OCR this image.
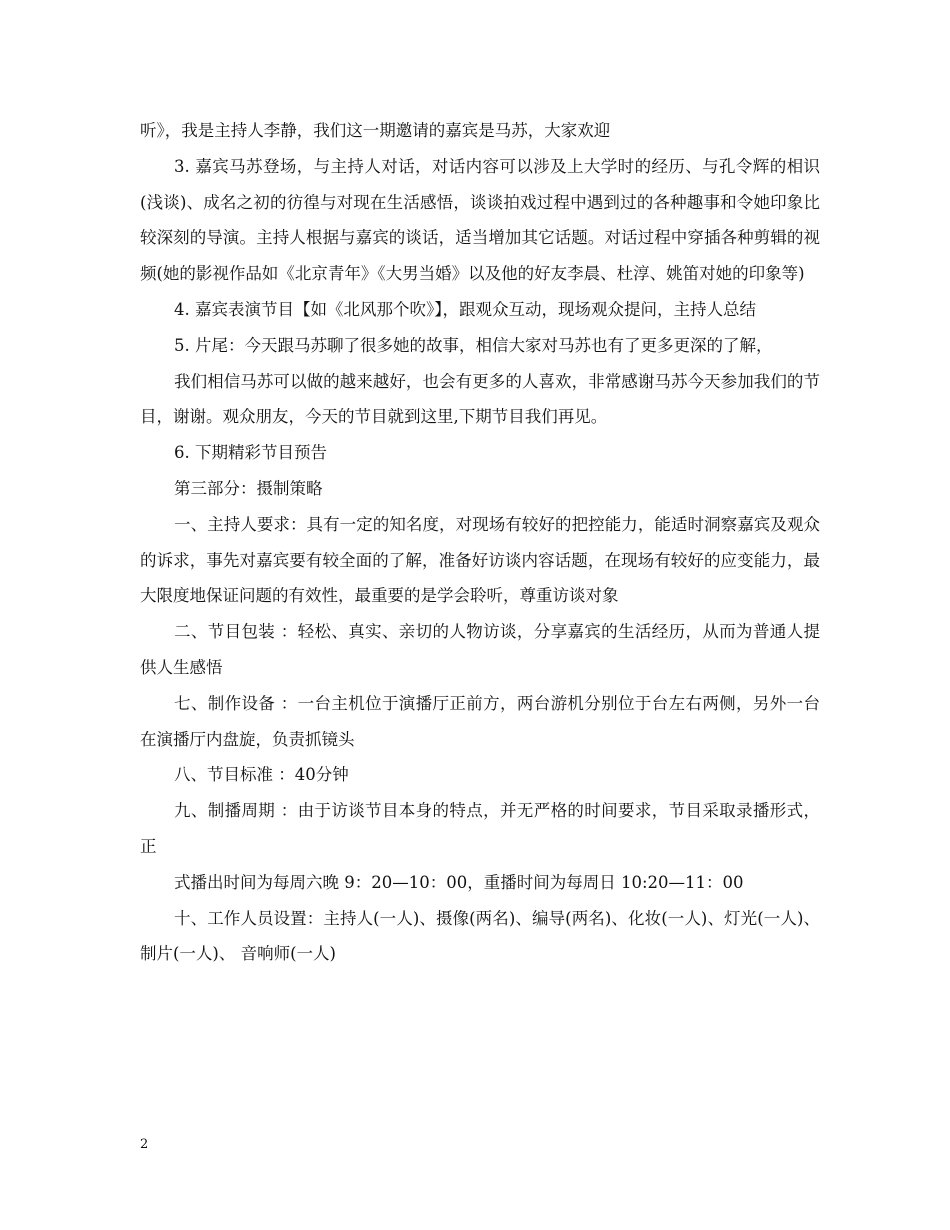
听》，我是主持人李静，我们这一期邀请的嘉宾是马苏，大家欢迎

3. 嘉宾马苏登场，与主持人对话，对话内容可以涉及上大学时的经历、与孔令辉的相识(浅谈)、成名之初的彷徨与对现在生活感悟，谈谈拍戏过程中遇到过的各种趣事和令她印象比较深刻的导演。主持人根据与嘉宾的谈话，适当增加其它话题。对话过程中穿插各种剪辑的视频(她的影视作品如《北京青年》《大男当婚》以及他的好友李晨、杜淳、姚笛对她的印象等)

4. 嘉宾表演节目【如《北风那个吹》】，跟观众互动，现场观众提问，主持人总结

5. 片尾：今天跟马苏聊了很多她的故事，相信大家对马苏也有了更多更深的了解，

我们相信马苏可以做的越来越好，也会有更多的人喜欢，非常感谢马苏今天参加我们的节目，谢谢。观众朋友，今天的节目就到这里,下期节目我们再见。

6. 下期精彩节目预告

第三部分：摄制策略

一、主持人要求：具有一定的知名度，对现场有较好的把控能力，能适时洞察嘉宾及观众的诉求，事先对嘉宾要有较全面的了解，准备好访谈内容话题，在现场有较好的应变能力，最大限度地保证问题的有效性，最重要的是学会聆听，尊重访谈对象

二、节目包装 ：轻松、真实、亲切的人物访谈，分享嘉宾的生活经历，从而为普通人提供人生感悟

七、制作设备 ：一台主机位于演播厅正前方，两台游机分别位于台左右两侧，另外一台在演播厅内盘旋，负责抓镜头

八、节目标准 ：40分钟

九、制播周期 ：由于访谈节目本身的特点，并无严格的时间要求，节目采取录播形式，正

式播出时间为每周六晚 9：20—10：00，重播时间为每周日 10:20—11：00

十、工作人员设置：主持人(一人)、摄像(两名)、编导(两名)、化妆(一人)、灯光(一人)、制片(一人)、 音响师(一人)

2
